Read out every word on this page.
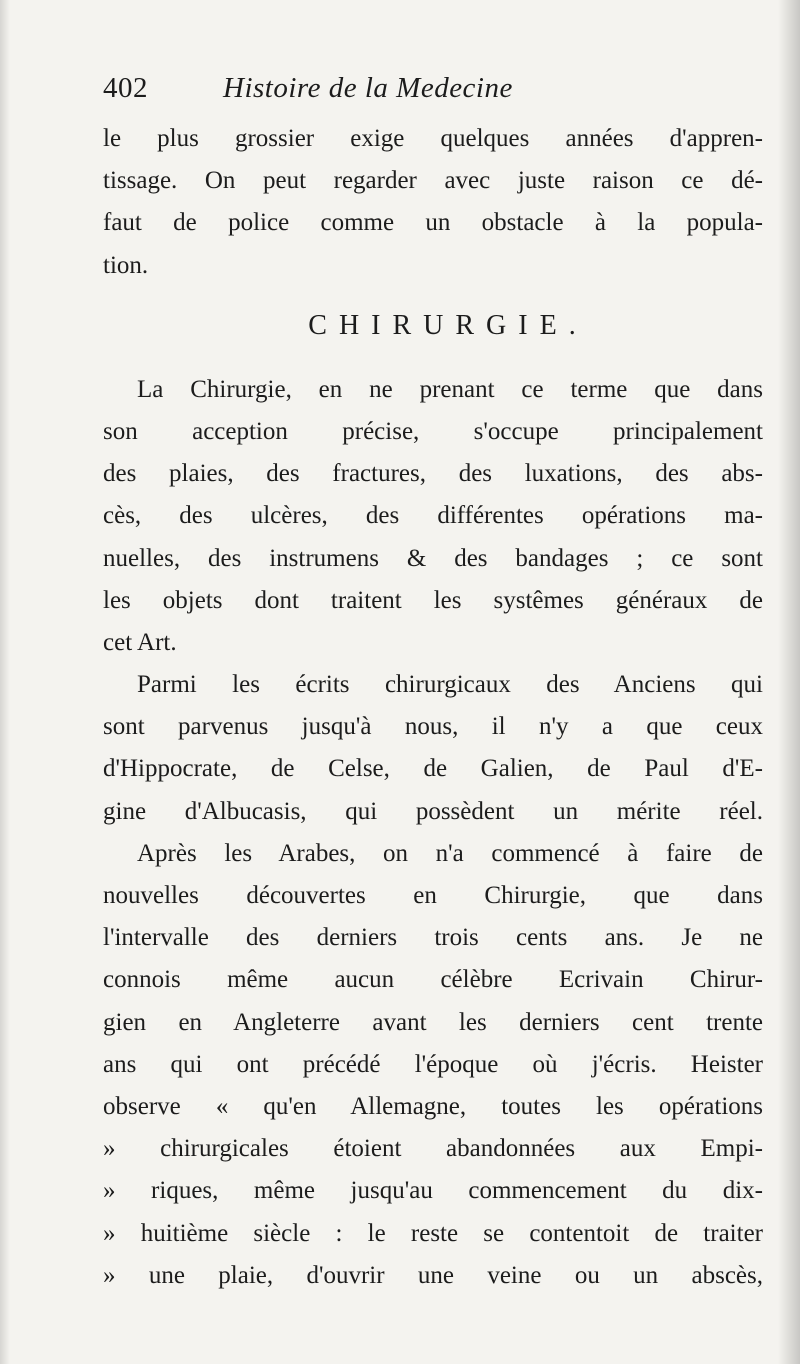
402	Histoire de la Medecine
le plus grossier exige quelques années d'appren-
tissage. On peut regarder avec juste raison ce dé-
faut de police comme un obstacle à la popula-
tion.
CHIRURGIE.
La Chirurgie, en ne prenant ce terme que dans
son acception précise, s'occupe principalement
des plaies, des fractures, des luxations, des abs-
cès, des ulcères, des différentes opérations ma-
nuelles, des instrumens & des bandages ; ce sont
les objets dont traitent les systêmes généraux de
cet Art.
Parmi les écrits chirurgicaux des Anciens qui
sont parvenus jusqu'à nous, il n'y a que ceux
d'Hippocrate, de Celse, de Galien, de Paul d'E-
gine d'Albucasis, qui possèdent un mérite réel.
Après les Arabes, on n'a commencé à faire de
nouvelles découvertes en Chirurgie, que dans
l'intervalle des derniers trois cents ans. Je ne
connois même aucun célèbre Ecrivain Chirur-
gien en Angleterre avant les derniers cent trente
ans qui ont précédé l'époque où j'écris. Heister
observe « qu'en Allemagne, toutes les opérations
» chirurgicales étoient abandonnées aux Empi-
» riques, même jusqu'au commencement du dix-
» huitième siècle : le reste se contentoit de traiter
» une plaie, d'ouvrir une veine ou un abscès,
